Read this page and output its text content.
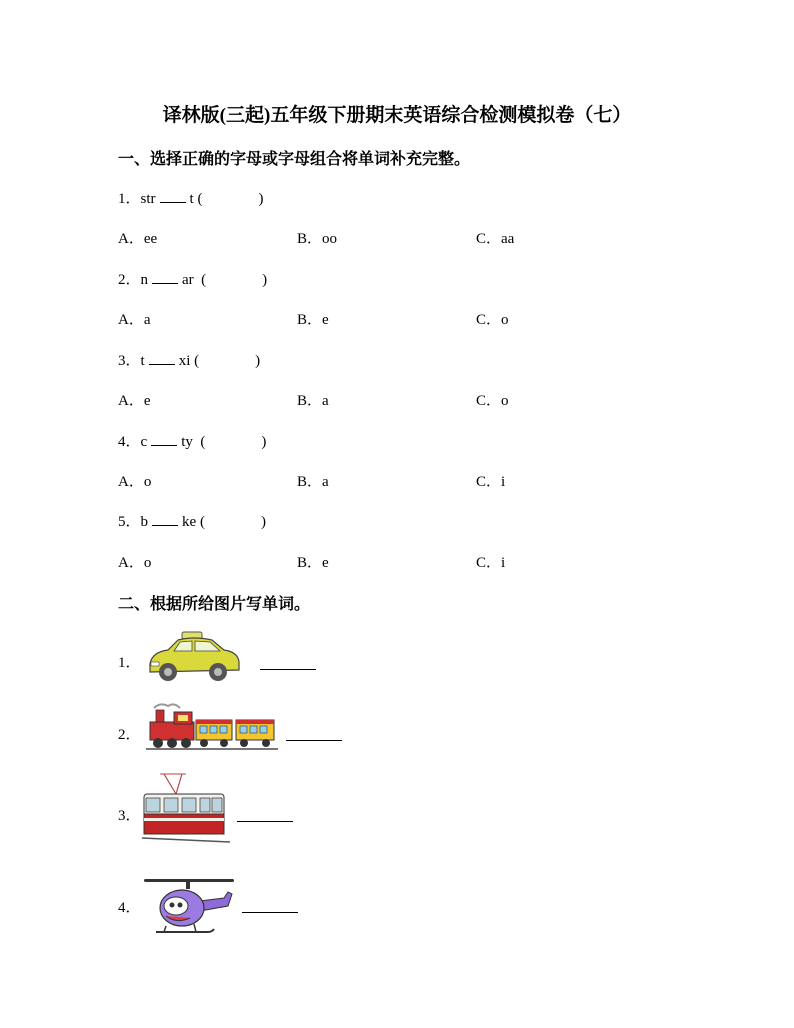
译林版(三起)五年级下册期末英语综合检测模拟卷（七）
一、选择正确的字母或字母组合将单词补充完整。
1．str t (	)
A．ee	B．oo	C．aa
2．n ar (	)
A．a	B．e	C．o
3．t xi (	)
A．e	B．a	C．o
4．c ty (	)
A．o	B．a	C．i
5．b ke (	)
A．o	B．e	C．i
二、根据所给图片写单词。
1．
2．
3．
4．
